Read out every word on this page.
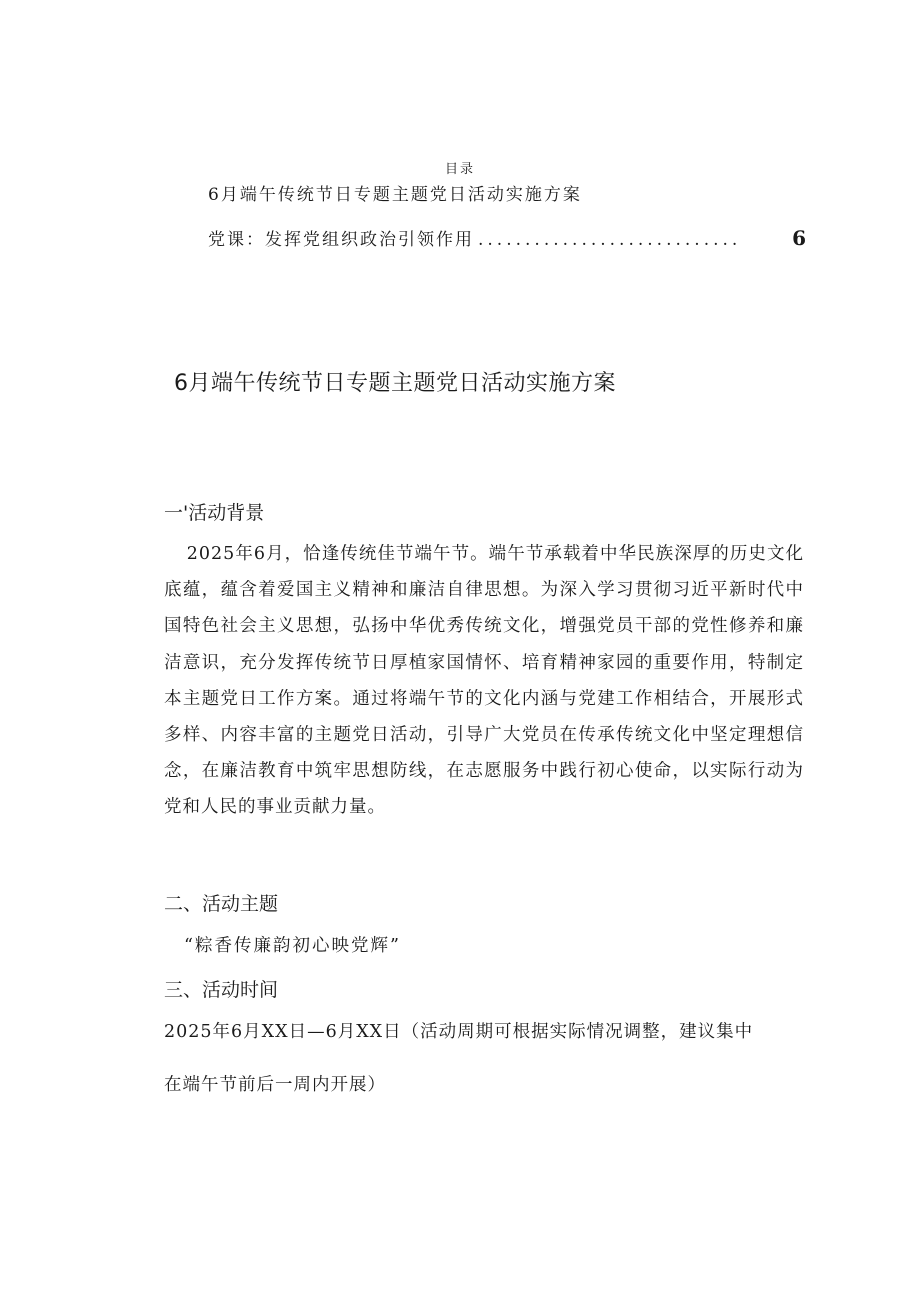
目录
6月端午传统节日专题主题党日活动实施方案
党课：发挥党组织政治引领作用 ............................	6
6月端午传统节日专题主题党日活动实施方案
一'活动背景
2025年6月，恰逢传统佳节端午节。端午节承载着中华民族深厚的历史文化底蕴，蕴含着爱国主义精神和廉洁自律思想。为深入学习贯彻习近平新时代中国特色社会主义思想，弘扬中华优秀传统文化，增强党员干部的党性修养和廉洁意识，充分发挥传统节日厚植家国情怀、培育精神家园的重要作用，特制定本主题党日工作方案。通过将端午节的文化内涵与党建工作相结合，开展形式多样、内容丰富的主题党日活动，引导广大党员在传承传统文化中坚定理想信念，在廉洁教育中筑牢思想防线，在志愿服务中践行初心使命，以实际行动为党和人民的事业贡献力量。
二、活动主题
“粽香传廉韵初心映党辉”
三、活动时间
2025年6月XX日—6月XX日（活动周期可根据实际情况调整，建议集中
在端午节前后一周内开展）
